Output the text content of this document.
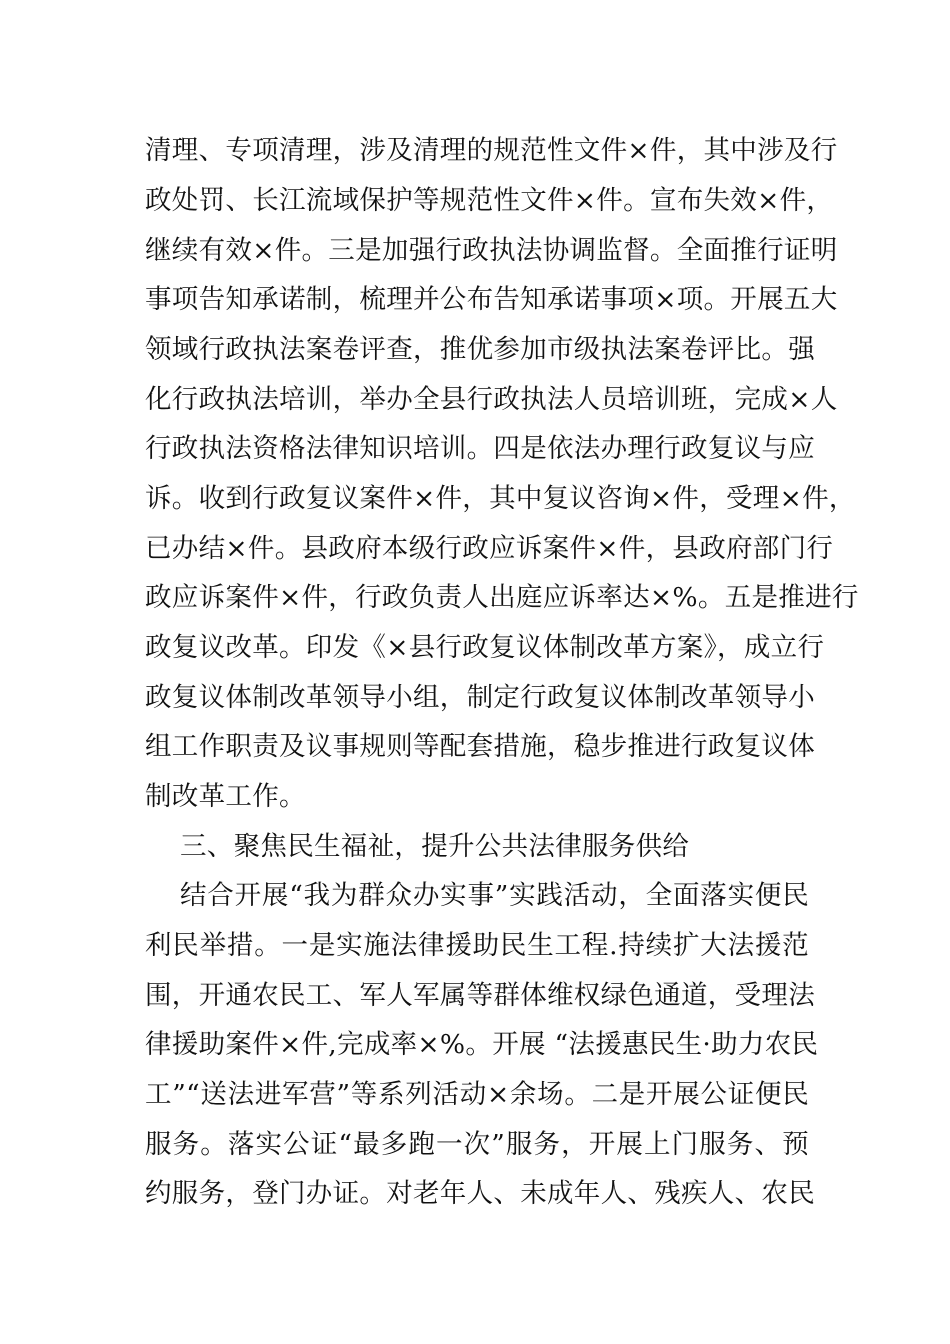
清理、专项清理，涉及清理的规范性文件×件，其中涉及行
政处罚、长江流域保护等规范性文件×件。宣布失效×件，
继续有效×件。三是加强行政执法协调监督。全面推行证明
事项告知承诺制，梳理并公布告知承诺事项×项。开展五大
领域行政执法案卷评查，推优参加市级执法案卷评比。强
化行政执法培训，举办全县行政执法人员培训班，完成×人
行政执法资格法律知识培训。四是依法办理行政复议与应
诉。收到行政复议案件×件，其中复议咨询×件，受理×件，
已办结×件。县政府本级行政应诉案件×件，县政府部门行
政应诉案件×件，行政负责人出庭应诉率达×%。五是推进行
政复议改革。印发《×县行政复议体制改革方案》，成立行
政复议体制改革领导小组，制定行政复议体制改革领导小
组工作职责及议事规则等配套措施，稳步推进行政复议体
制改革工作。
三、聚焦民生福祉，提升公共法律服务供给
结合开展“我为群众办实事”实践活动，全面落实便民
利民举措。一是实施法律援助民生工程.持续扩大法援范
围，开通农民工、军人军属等群体维权绿色通道，受理法
律援助案件×件,完成率×%。开展 “法援惠民生·助力农民
工”“送法进军营”等系列活动×余场。二是开展公证便民
服务。落实公证“最多跑一次”服务，开展上门服务、预
约服务，登门办证。对老年人、未成年人、残疾人、农民
